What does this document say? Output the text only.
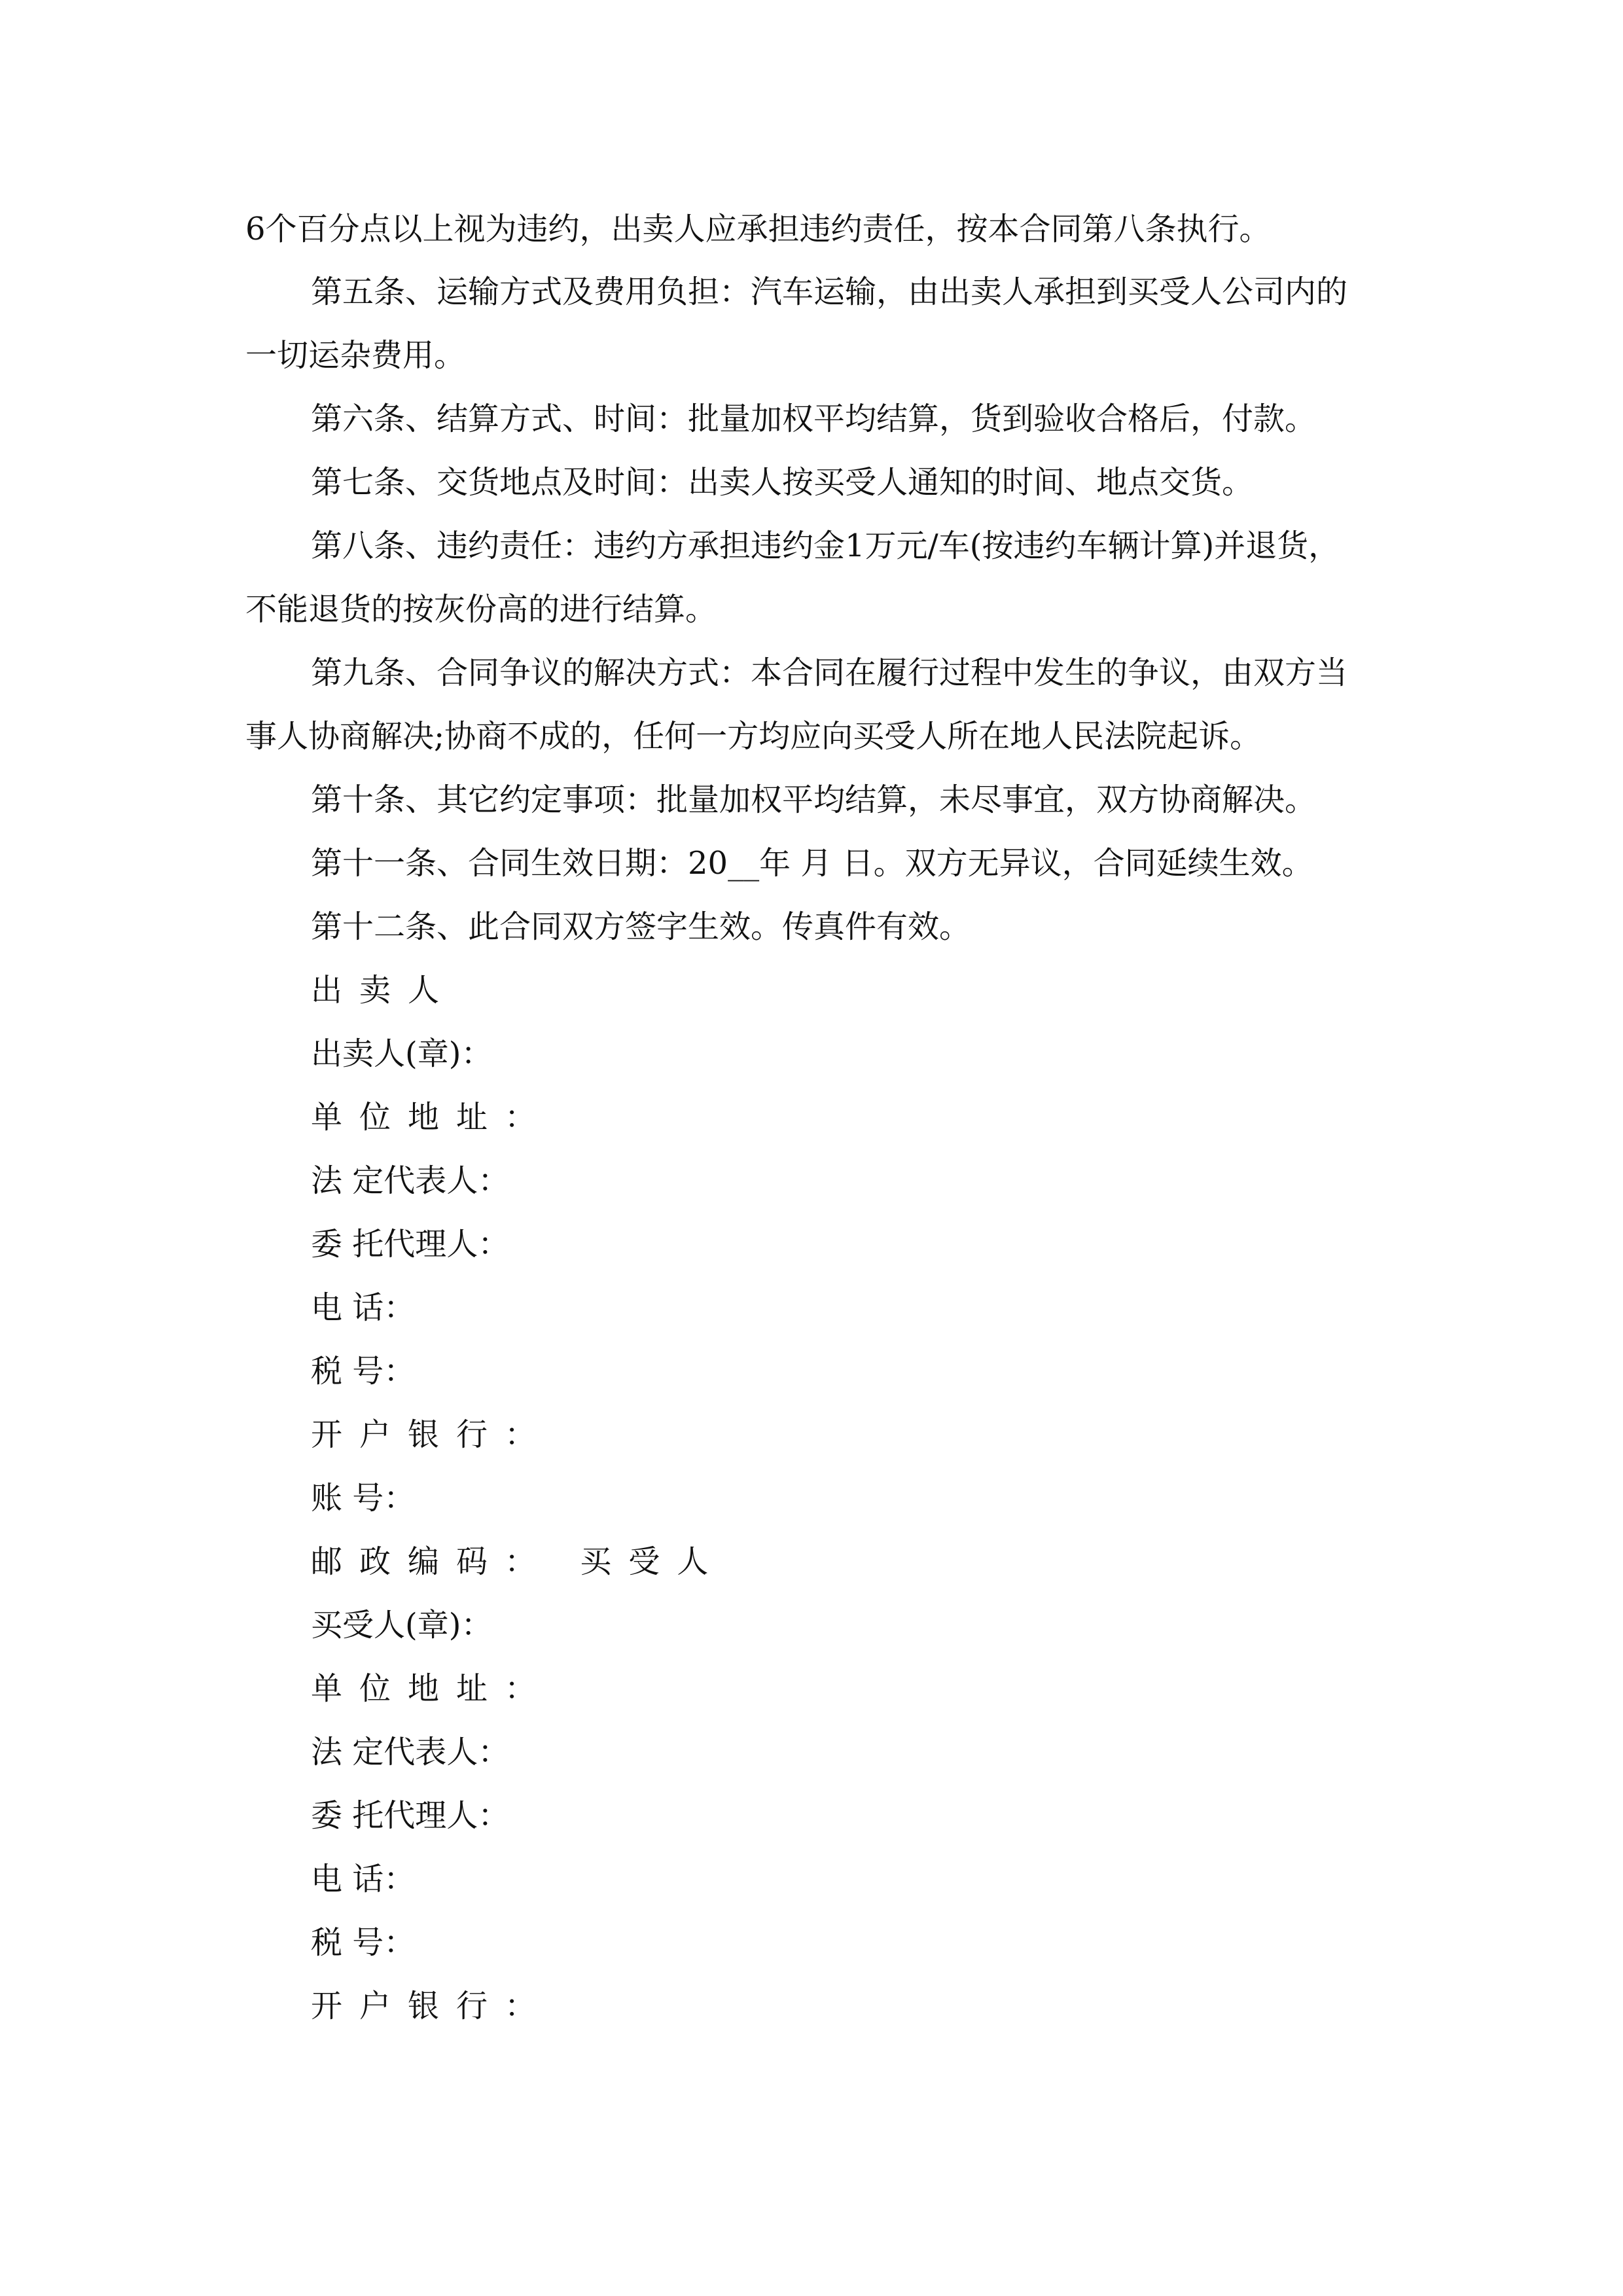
6个百分点以上视为违约，出卖人应承担违约责任，按本合同第八条执行。

第五条、运输方式及费用负担：汽车运输，由出卖人承担到买受人公司内的

一切运杂费用。

第六条、结算方式、时间：批量加权平均结算，货到验收合格后，付款。

第七条、交货地点及时间：出卖人按买受人通知的时间、地点交货。

第八条、违约责任：违约方承担违约金1万元/车(按违约车辆计算)并退货，

不能退货的按灰份高的进行结算。

第九条、合同争议的解决方式：本合同在履行过程中发生的争议，由双方当

事人协商解决;协商不成的，任何一方均应向买受人所在地人民法院起诉。

第十条、其它约定事项：批量加权平均结算，未尽事宜，双方协商解决。

第十一条、合同生效日期：20__年 月 日。双方无异议，合同延续生效。

第十二条、此合同双方签字生效。传真件有效。

出卖人

出卖人(章)：

单位地址：

法 定代表人：

委 托代理人：

电 话：

税 号：

开户银行：

账 号：

邮政编码： 买受人

买受人(章)：

单位地址：

法 定代表人：

委 托代理人：

电 话：

税 号：

开户银行：
